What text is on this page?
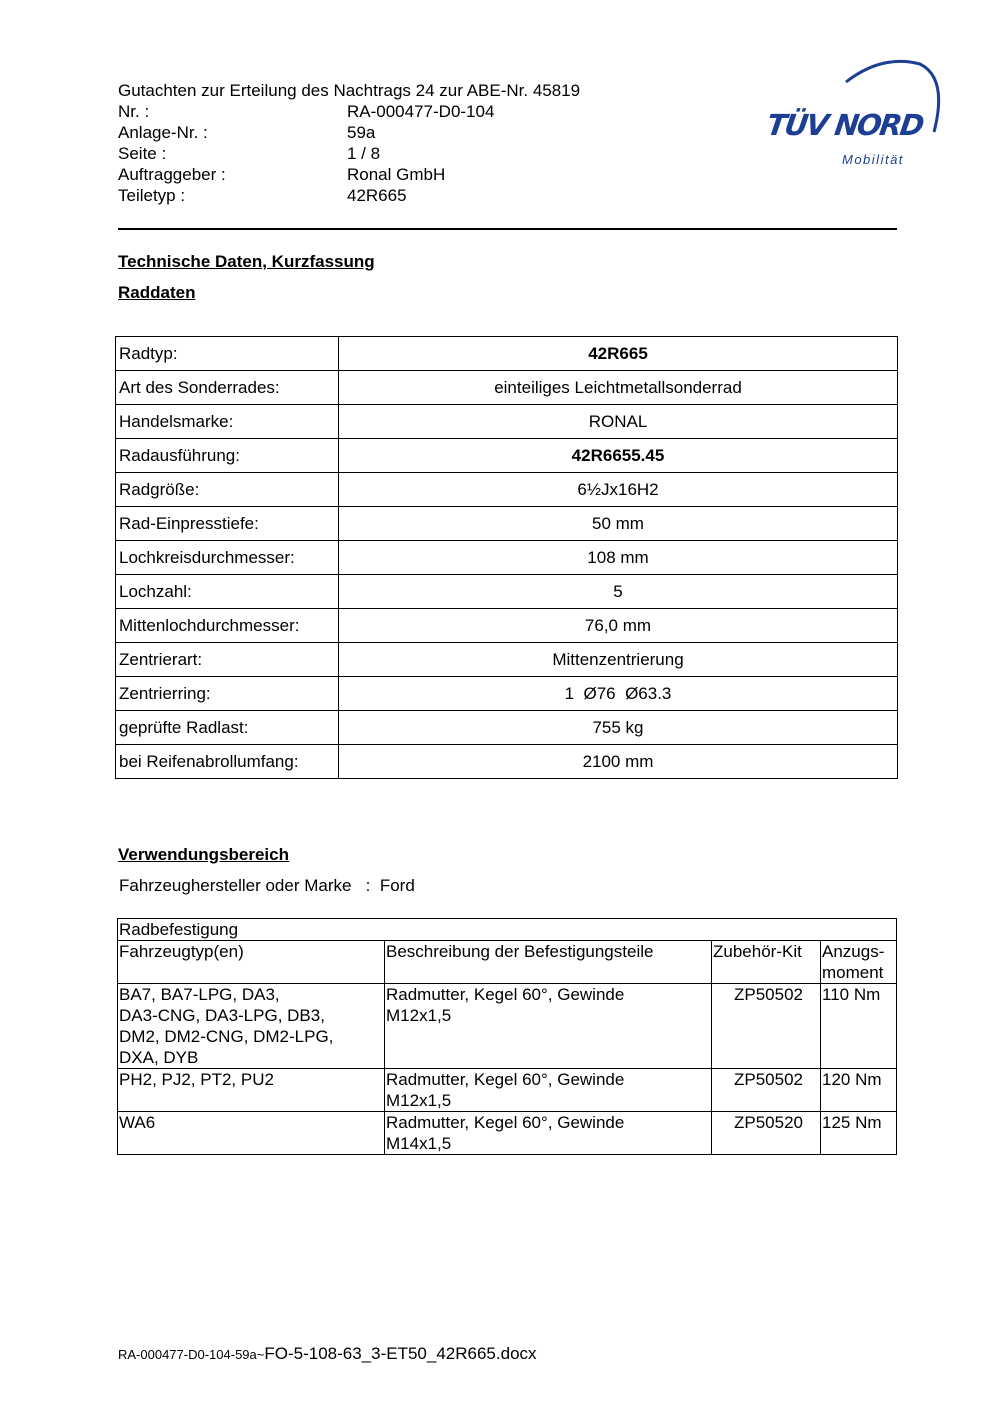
Gutachten zur Erteilung des Nachtrags 24 zur ABE-Nr. 45819
Nr. :	RA-000477-D0-104
Anlage-Nr. :	59a
Seite :	1 / 8
Auftraggeber :	Ronal GmbH
Teiletyp :	42R665
TÜV NORD
Mobilität
Technische Daten, Kurzfassung
Raddaten
Radtyp:	42R665
Art des Sonderrades:	einteiliges Leichtmetallsonderrad
Handelsmarke:	RONAL
Radausführung:	42R6655.45
Radgröße:	6½Jx16H2
Rad-Einpresstiefe:	50 mm
Lochkreisdurchmesser:	108 mm
Lochzahl:	5
Mittenlochdurchmesser:	76,0 mm
Zentrierart:	Mittenzentrierung
Zentrierring:	1  Ø76  Ø63.3
geprüfte Radlast:	755 kg
bei Reifenabrollumfang:	2100 mm
Verwendungsbereich
Fahrzeughersteller oder Marke : Ford
Radbefestigung			
Fahrzeugtyp(en)	Beschreibung der Befestigungsteile	Zubehör-Kit	Anzugs-
moment
BA7, BA7-LPG, DA3,
DA3-CNG, DA3-LPG, DB3,
DM2, DM2-CNG, DM2-LPG,
DXA, DYB	Radmutter, Kegel 60°, Gewinde
M12x1,5	ZP50502	110 Nm
PH2, PJ2, PT2, PU2	Radmutter, Kegel 60°, Gewinde
M12x1,5	ZP50502	120 Nm
WA6	Radmutter, Kegel 60°, Gewinde
M14x1,5	ZP50520	125 Nm
RA-000477-D0-104-59a~FO-5-108-63_3-ET50_42R665.docx
